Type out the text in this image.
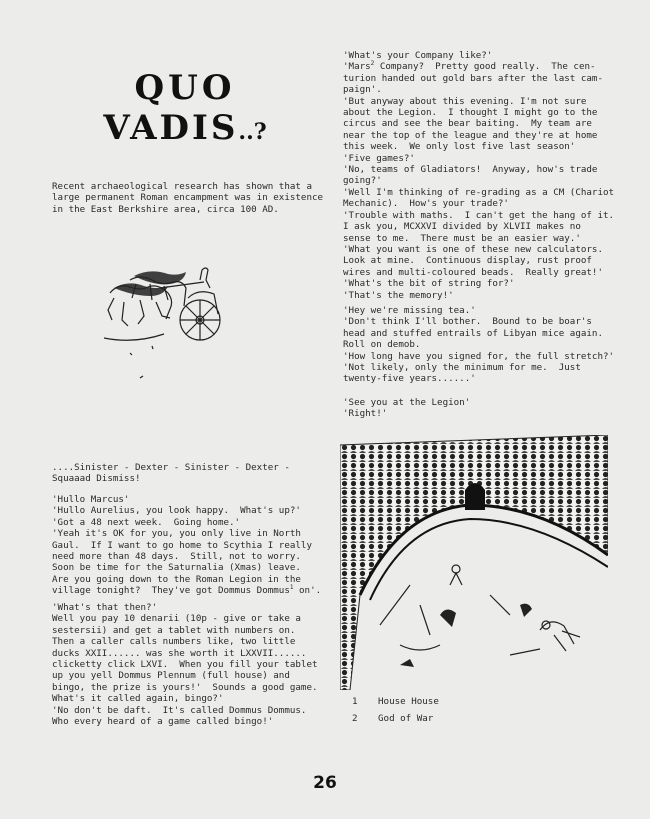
QUO
VADIS..?
Recent archaeological research has shown that a
large permanent Roman encampment was in existence
in the East Berkshire area, circa 100 AD.
....Sinister - Dexter - Sinister - Dexter -
Squaaad Dismiss!
'Hullo Marcus'
'Hullo Aurelius, you look happy.  What's up?'
'Got a 48 next week.  Going home.'
'Yeah it's OK for you, you only live in North
Gaul.  If I want to go home to Scythia I really
need more than 48 days.  Still, not to worry.
Soon be time for the Saturnalia (Xmas) leave.
Are you going down to the Roman Legion in the
village tonight?  They've got Dommus Dommus$^1$ on'.
'What's that then?'
Well you pay 10 denarii (10p - give or take a
sestersii) and get a tablet with numbers on.
Then a caller calls numbers like, two little
ducks XXII...... was she worth it LXXVII......
clicketty click LXVI.  When you fill your tablet
up you yell Dommus Plennum (full house) and
bingo, the prize is yours!'  Sounds a good game.
What's it called again, bingo?'
'No don't be daft.  It's called Dommus Dommus.
Who every heard of a game called bingo!'
'What's your Company like?'
'Mars$^2$ Company?  Pretty good really.  The cen-
turion handed out gold bars after the last cam-
paign'.
'But anyway about this evening. I'm not sure
about the Legion.  I thought I might go to the
circus and see the bear baiting.  My team are
near the top of the league and they're at home
this week.  We only lost five last season'
'Five games?'
'No, teams of Gladiators!  Anyway, how's trade
going?'
'Well I'm thinking of re-grading as a CM (Chariot
Mechanic).  How's your trade?'
'Trouble with maths.  I can't get the hang of it.
I ask you, MCXXVI divided by XLVII makes no
sense to me.  There must be an easier way.'
'What you want is one of these new calculators.
Look at mine.  Continuous display, rust proof
wires and multi-coloured beads.  Really great!'
'What's the bit of string for?'
'That's the memory!'
'Hey we're missing tea.'
'Don't think I'll bother.  Bound to be boar's
head and stuffed entrails of Libyan mice again.
Roll on demob.
'How long have you signed for, the full stretch?'
'Not likely, only the minimum for me.  Just
twenty-five years......'
'See you at the Legion'
'Right!'
1 House House
2 God of War
26
